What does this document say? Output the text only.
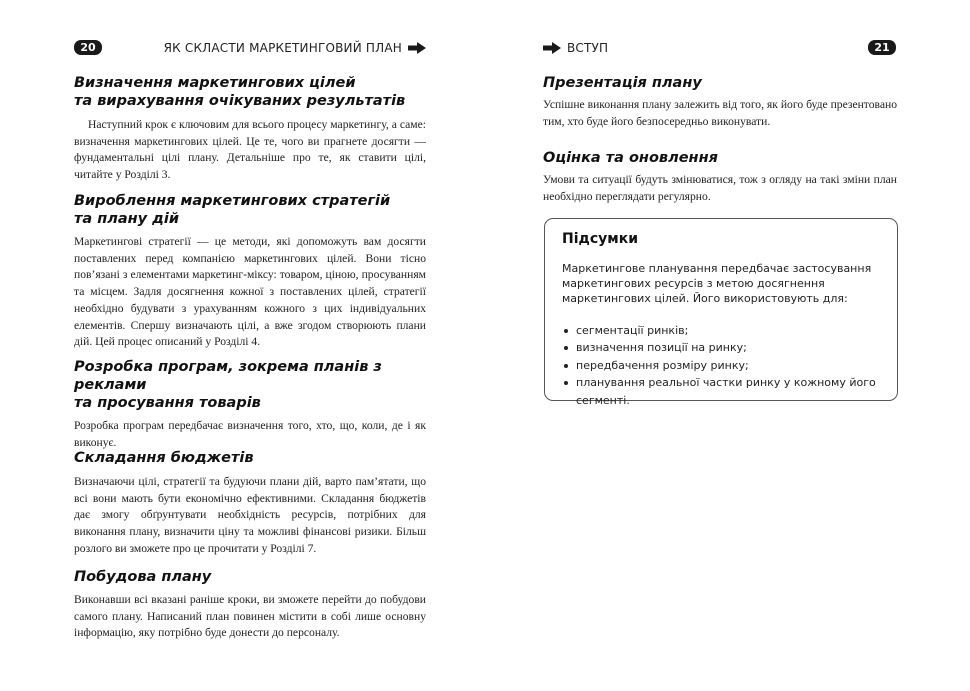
20	ЯК СКЛАСТИ МАРКЕТИНГОВИЙ ПЛАН
Визначення маркетингових цілей
та вирахування очікуваних результатів

Наступний крок є ключовим для всього процесу маркетингу, а саме: визначення маркетингових цілей. Це те, чого ви прагнете досягти — фундаментальні цілі плану. Детальніше про те, як ставити цілі, читайте у Розділі 3.

Вироблення маркетингових стратегій
та плану дій

Маркетингові стратегії — це методи, які допоможуть вам досягти поставлених перед компанією маркетингових цілей. Вони тісно пов’язані з елементами маркетинг-міксу: товаром, ціною, просуванням та місцем. Задля досягнення кожної з поставлених цілей, стратегії необхідно будувати з урахуванням кожного з цих індивідуальних елементів. Спершу визначають цілі, а вже згодом створюють плани дій. Цей процес описаний у Розділі 4.

Розробка програм, зокрема планів з реклами
та просування товарів

Розробка програм передбачає визначення того, хто, що, коли, де і як виконує.

Складання бюджетів

Визначаючи цілі, стратегії та будуючи плани дій, варто пам’ятати, що всі вони мають бути економічно ефективними. Складання бюджетів дає змогу обґрунтувати необхідність ресурсів, потрібних для виконання плану, визначити ціну та можливі фінансові ризики. Більш розлого ви зможете про це прочитати у Розділі 7.

Побудова плану

Виконавши всі вказані раніше кроки, ви зможете перейти до побудови самого плану. Написаний план повинен містити в собі лише основну інформацію, яку потрібно буде донести до персоналу.

ВСТУП	21
Презентація плану

Успішне виконання плану залежить від того, як його буде презентовано тим, хто буде його безпосередньо виконувати.

Оцінка та оновлення

Умови та ситуації будуть змінюватися, тож з огляду на такі зміни план необхідно переглядати регулярно.

Підсумки

Маркетингове планування передбачає застосування маркетингових ресурсів з метою досягнення маркетингових цілей. Його використовують для:

сегментації ринків;
визначення позиції на ринку;
передбачення розміру ринку;
планування реальної частки ринку у кожному його сегменті.
